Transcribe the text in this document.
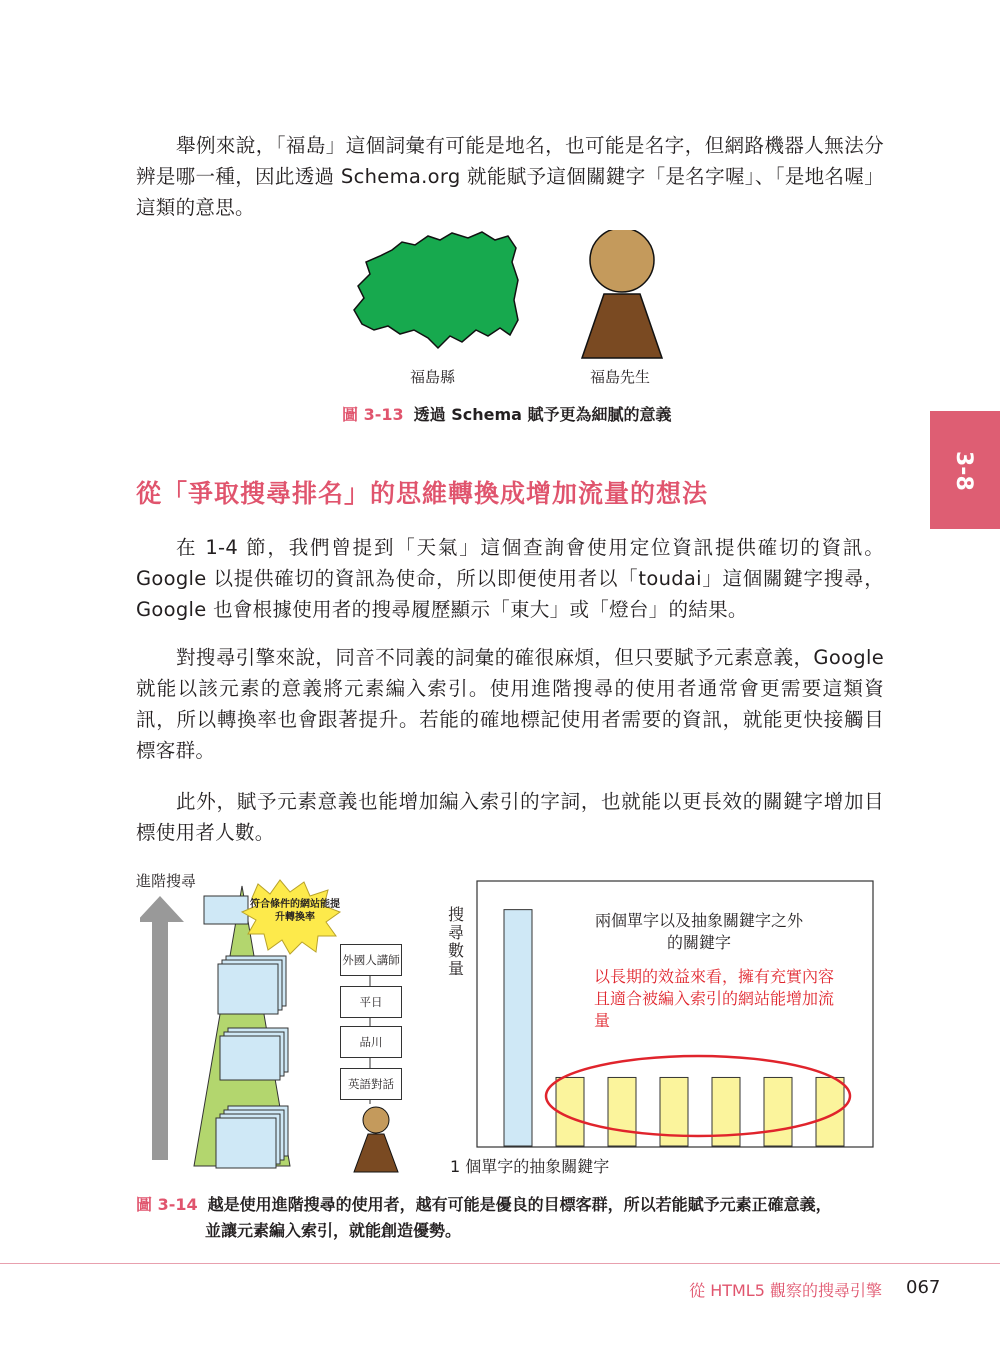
3-8

舉例來說，「福島」這個詞彙有可能是地名，也可能是名字，但網路機器人無法分辨是哪一種，因此透過 Schema.org 就能賦予這個關鍵字「是名字喔」、「是地名喔」這類的意思。

福島縣	福島先生
圖 3-13 透過 Schema 賦予更為細膩的意義
從「爭取搜尋排名」的思維轉換成增加流量的想法

在 1-4 節，我們曾提到「天氣」這個查詢會使用定位資訊提供確切的資訊。Google 以提供確切的資訊為使命，所以即便使用者以「toudai」這個關鍵字搜尋，Google 也會根據使用者的搜尋履歷顯示「東大」或「燈台」的結果。

對搜尋引擎來說，同音不同義的詞彙的確很麻煩，但只要賦予元素意義，Google 就能以該元素的意義將元素編入索引。使用進階搜尋的使用者通常會更需要這類資訊，所以轉換率也會跟著提升。若能的確地標記使用者需要的資訊，就能更快接觸目標客群。

此外，賦予元素意義也能增加編入索引的字詞，也就能以更長效的關鍵字增加目標使用者人數。

進階搜尋
符合條件的網站能提升轉換率
外國人講師
平日
品川
英語對話
搜尋數量
兩個單字以及抽象關鍵字之外的關鍵字
以長期的效益來看，擁有充實內容且適合被編入索引的網站能增加流量
1 個單字的抽象關鍵字
圖 3-14 越是使用進階搜尋的使用者，越有可能是優良的目標客群，所以若能賦予元素正確意義，
並讓元素編入索引，就能創造優勢。
從 HTML5 觀察的搜尋引擎 067
